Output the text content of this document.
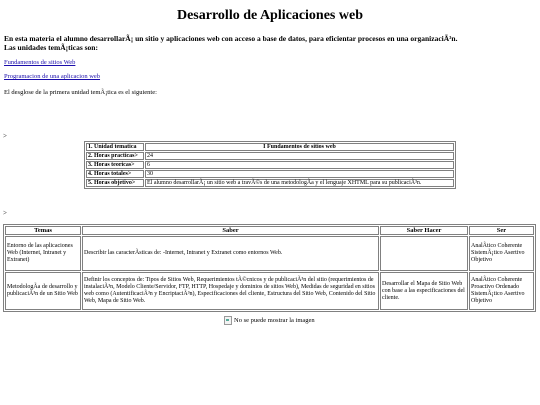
Desarrollo de Aplicaciones web
En esta materia el alumno desarrollarÃ¡ un sitio y aplicaciones web con acceso a base de datos, para eficientar procesos en una organizaciÃ³n.
Las unidades temÃ¡ticas son:
Fundamentos de sitios Web
Programacion de una aplicacion web
El desglose de la primera unidad temÃ¡tica es el siguiente:
>
1. Unidad tematica	I Fundamentos de sitios web
2. Horas practicas>	24
3. Horas teoricas>	6
4. Horas totales>	30
5. Horas objetivo>	El alumno desarrollarÃ¡ un sitio web a travÃ©s de una metodologÃa y el lenguaje XHTML para su publicaciÃ³n.
>
Temas	Saber	Saber Hacer	Ser
Entorno de las aplicaciones Web (Internet, Intranet y Extranet)	Describir las caracterÃsticas de: -Internet, Intranet y Extranet como entornos Web.		AnalÃtico Coherente SistemÃ¡tico Asertivo Objetivo
MetodologÃa de desarrollo y publicaciÃ³n de un Sitio Web	Definir los conceptos de: Tipos de Sitios Web, Requerimientos tÃ©cnicos y de publicaciÃ³n del sitio (requerimientos de instalaciÃ³n, Modelo Cliente/Servidor, FTP, HTTP, Hospedaje y dominios de sitios Web), Medidas de seguridad en sitios web como (AutentificaciÃ³n y EncriptaciÃ³n), Especificaciones del cliente, Estructura del Sitio Web, Contenido del Sitio Web, Mapa de Sitio Web.	Desarrollar el Mapa de Sitio Web con base a las especificaciones del cliente.	AnalÃtico Coherente Proactivo Ordenado SistemÃ¡tico Asertivo Objetivo
No se puede mostrar la imagen
